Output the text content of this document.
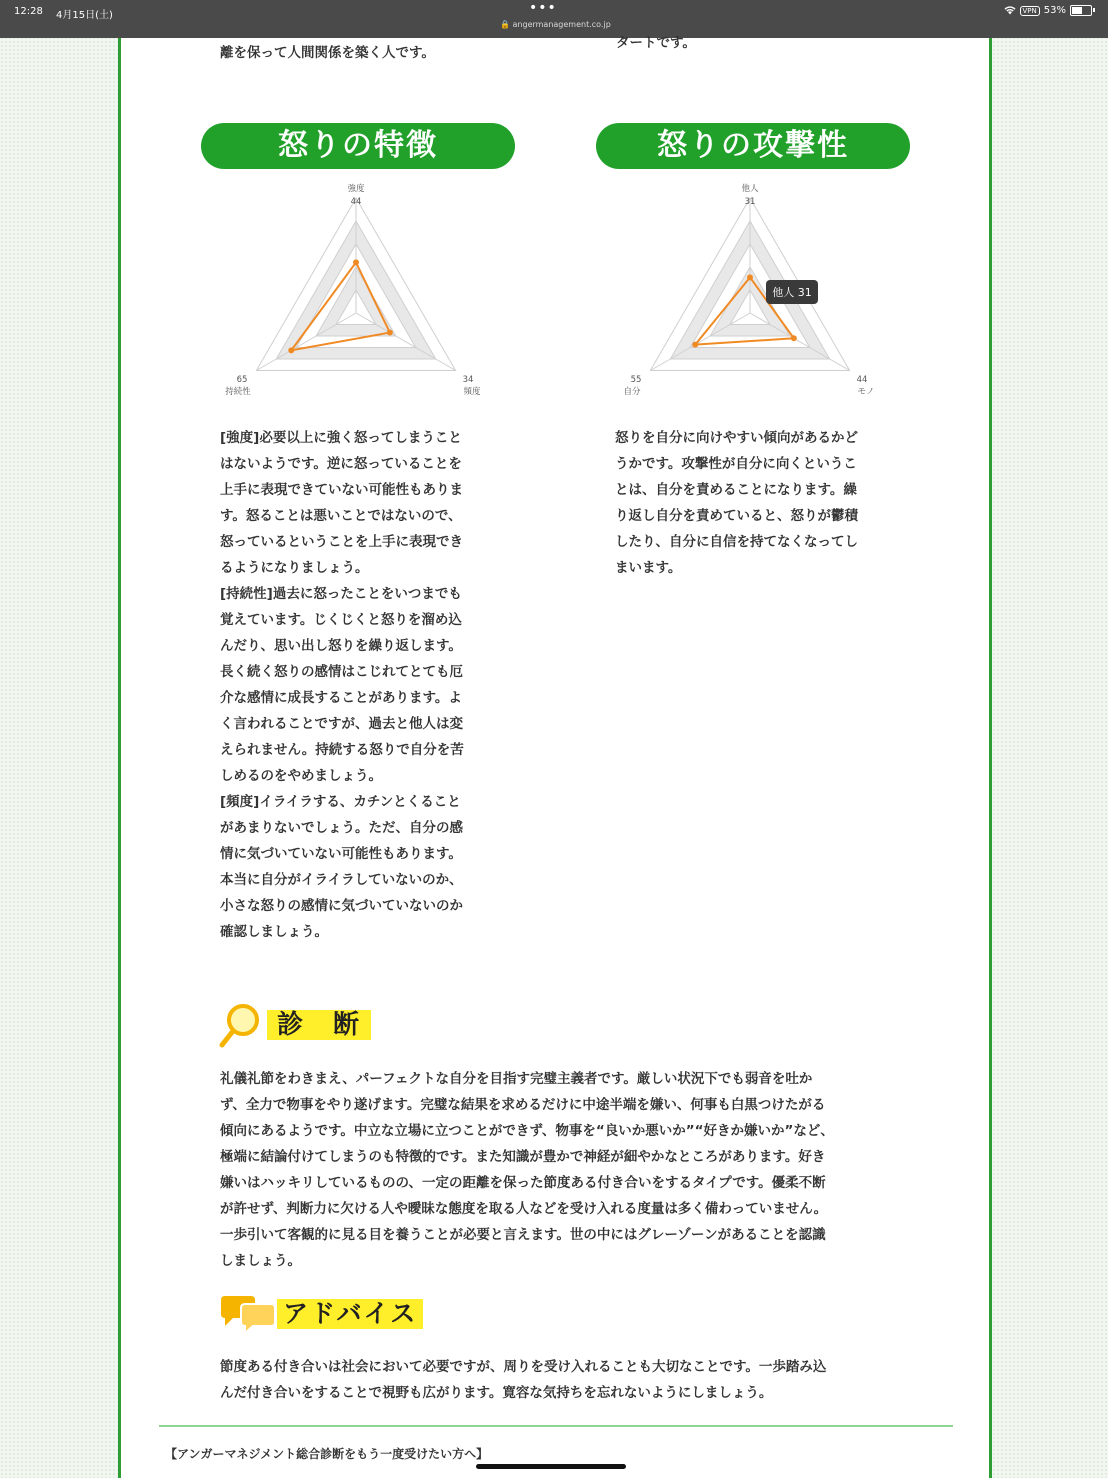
12:28 4月15日(土)	•••
🔒 angermanagement.co.jp
VPN 53%
離を保って人間関係を築く人です。
タートです。
怒りの特徴	怒りの攻撃性
強度
44
34
頻度
65
持続性
他人
31
44
モノ
55
自分
他人 31
[強度]必要以上に強く怒ってしまうこと
はないようです。逆に怒っていることを
上手に表現できていない可能性もありま
す。怒ることは悪いことではないので、
怒っているということを上手に表現でき
るようになりましょう。
[持続性]過去に怒ったことをいつまでも
覚えています。じくじくと怒りを溜め込
んだり、思い出し怒りを繰り返します。
長く続く怒りの感情はこじれてとても厄
介な感情に成長することがあります。よ
く言われることですが、過去と他人は変
えられません。持続する怒りで自分を苦
しめるのをやめましょう。
[頻度]イライラする、カチンとくること
があまりないでしょう。ただ、自分の感
情に気づいていない可能性もあります。
本当に自分がイライラしていないのか、
小さな怒りの感情に気づいていないのか
確認しましょう。
怒りを自分に向けやすい傾向があるかど
うかです。攻撃性が自分に向くというこ
とは、自分を責めることになります。繰
り返し自分を責めていると、怒りが鬱積
したり、自分に自信を持てなくなってし
まいます。
診　断
礼儀礼節をわきまえ、パーフェクトな自分を目指す完璧主義者です。厳しい状況下でも弱音を吐か
ず、全力で物事をやり遂げます。完璧な結果を求めるだけに中途半端を嫌い、何事も白黒つけたがる
傾向にあるようです。中立な立場に立つことができず、物事を“良いか悪いか”“好きか嫌いか”など、
極端に結論付けてしまうのも特徴的です。また知識が豊かで神経が細やかなところがあります。好き
嫌いはハッキリしているものの、一定の距離を保った節度ある付き合いをするタイプです。優柔不断
が許せず、判断力に欠ける人や曖昧な態度を取る人などを受け入れる度量は多く備わっていません。
一歩引いて客観的に見る目を養うことが必要と言えます。世の中にはグレーゾーンがあることを認識
しましょう。
アドバイス
節度ある付き合いは社会において必要ですが、周りを受け入れることも大切なことです。一歩踏み込
んだ付き合いをすることで視野も広がります。寛容な気持ちを忘れないようにしましょう。
【アンガーマネジメント総合診断をもう一度受けたい方へ】
